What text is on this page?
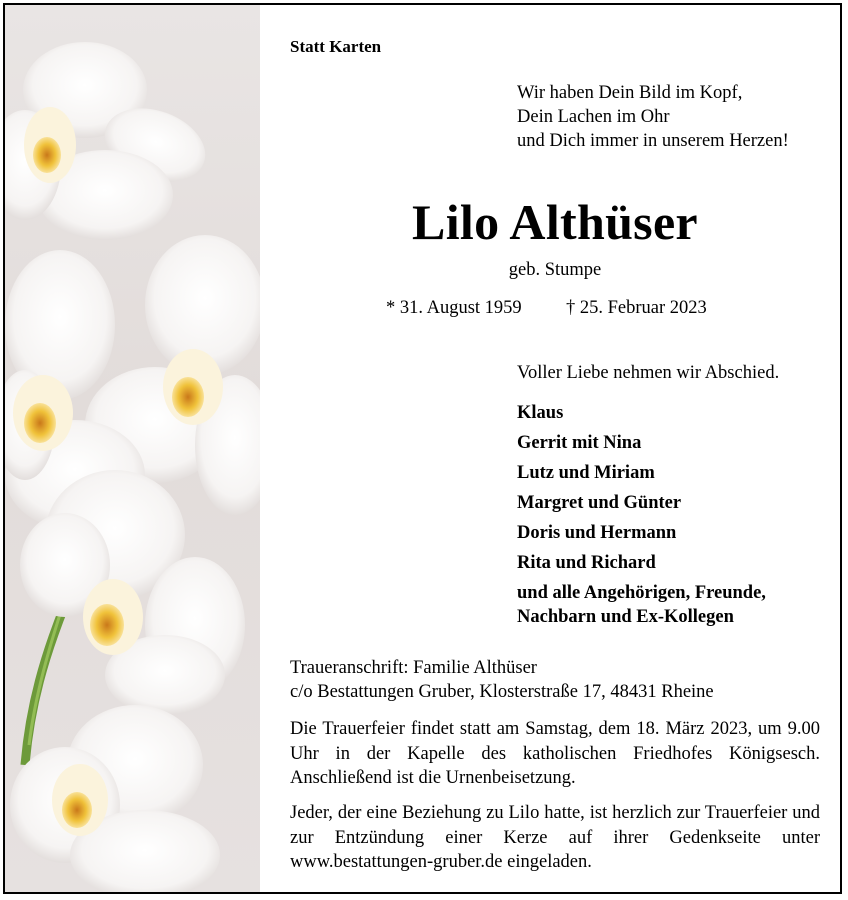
Statt Karten
Wir haben Dein Bild im Kopf,
Dein Lachen im Ohr
und Dich immer in unserem Herzen!
Lilo Althüser
geb. Stumpe
* 31. August 1959 † 25. Februar 2023
Voller Liebe nehmen wir Abschied.
Klaus
Gerrit mit Nina
Lutz und Miriam
Margret und Günter
Doris und Hermann
Rita und Richard
und alle Angehörigen, Freunde,
Nachbarn und Ex-Kollegen
Traueranschrift: Familie Althüser
c/o Bestattungen Gruber, Klosterstraße 17, 48431 Rheine
Die Trauerfeier findet statt am Samstag, dem 18. März 2023, um 9.00 Uhr in der Kapelle des katholischen Friedhofes Königsesch. Anschließend ist die Urnenbeisetzung.
Jeder, der eine Beziehung zu Lilo hatte, ist herzlich zur Trauerfeier und zur Entzündung einer Kerze auf ihrer Gedenkseite unter www.bestattungen-gruber.de eingeladen.
